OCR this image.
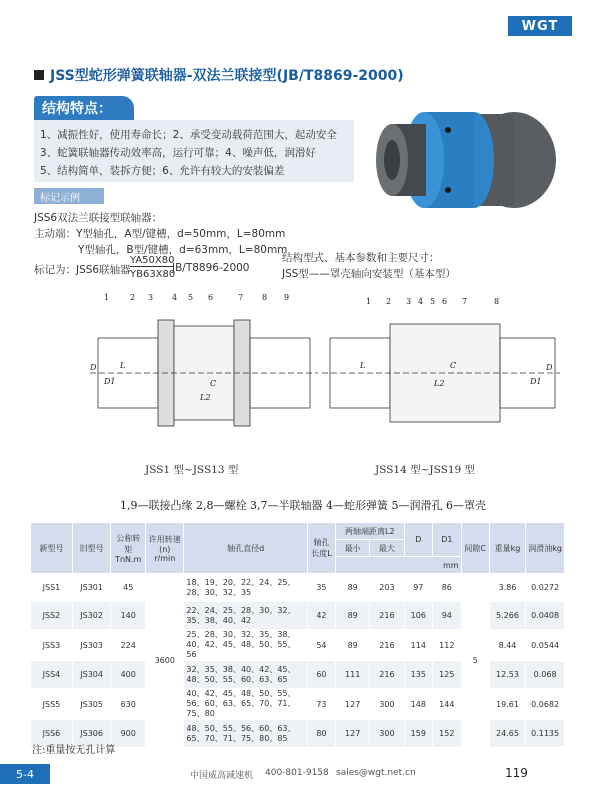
WGT
JSS型蛇形弹簧联轴器-双法兰联接型(JB/T8869-2000)
结构特点：
1、减振性好，使用寿命长；2、承受变动载荷范围大，起动安全
3、蛇簧联轴器传动效率高，运行可靠；4、噪声低，润滑好
5、结构简单，装拆方便；6、允许有较大的安装偏差
标记示例
JSS6双法兰联接型联轴器：
主动端：Y型轴孔，A型/键槽，d=50mm，L=80mm
Y型轴孔，B型/键槽，d=63mm，L=80mm
标记为：JSS6联轴器
YA50X80
YB63X80
JB/T8896-2000
结构型式、基本参数和主要尺寸：
JSS型——罩壳轴向安装型（基本型）
1	2 3 4 5 6	7 8 9	1 2 3 4 5 6 7	8
D	D
L
L2
C
L
L2
C
D1	D1
JSS1 型~JSS13 型	JSS14 型~JSS19 型
1,9—联接凸缘 2,8—螺栓 3,7—半联轴器 4—蛇形弹簧 5—润滑孔 6—罩壳
新型号	旧型号	公称转矩TnN.m	许用转速(n) r/min	轴孔直径d	轴孔长度L	两轴端距离L2		D	D1	间隙C	重量kg	润滑油kg
						最小	最大					
						mm						
JSS1	JS301	45	3600	18、19、20、22、24、25、28、30、32、35	35	89	203	97	86	5	3.86	0.0272
JSS2	JS302	140		22、24、25、28、30、32、35、38、40、42	42	89	216	106	94		5.266	0.0408
JSS3	JS303	224		25、28、30、32、35、38、40、42、45、48、50、55、56	54	89	216	114	112		8.44	0.0544
JSS4	JS304	400		32、35、38、40、42、45、48、50、55、60、63、65	60	111	216	135	125		12.53	0.068
JSS5	JS305	630		40、42、45、48、50、55、56、60、63、65、70、71、75、80	73	127	300	148	144		19.61	0.0682
JSS6	JS306	900		48、50、55、56、60、63、65、70、71、75、80、85	80	127	300	159	152		24.65	0.1135
注:重量按无孔计算
5-4	中国威高减速机 400-801-9158 sales@wgt.net.cn	119
